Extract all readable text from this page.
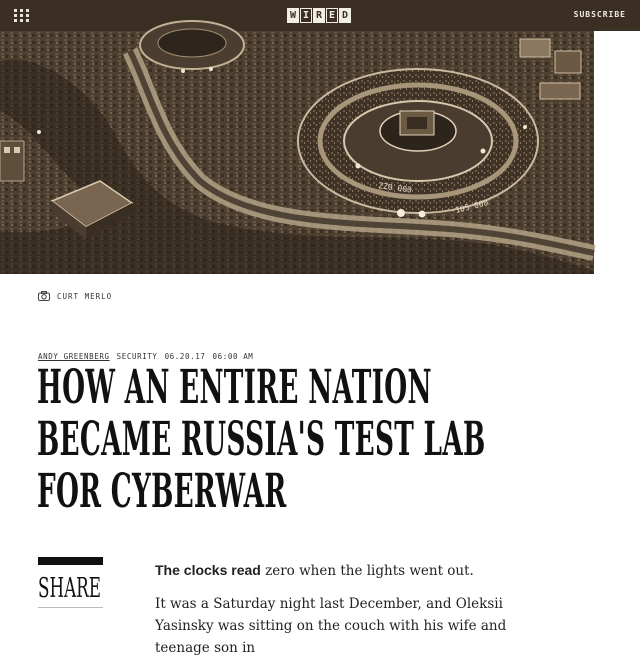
W I R E D	SUBSCRIBE
ZZ0 000
105 000
CURT MERLO
ANDY GREENBERG SECURITY 06.20.17 06:00 AM
HOW AN ENTIRE NATION
BECAME RUSSIA'S TEST LAB
FOR CYBERWAR
SHARE

The clocks read zero when the lights went out.

It was a Saturday night last December, and Oleksii Yasinsky was sitting on the couch with his wife and teenage son in
